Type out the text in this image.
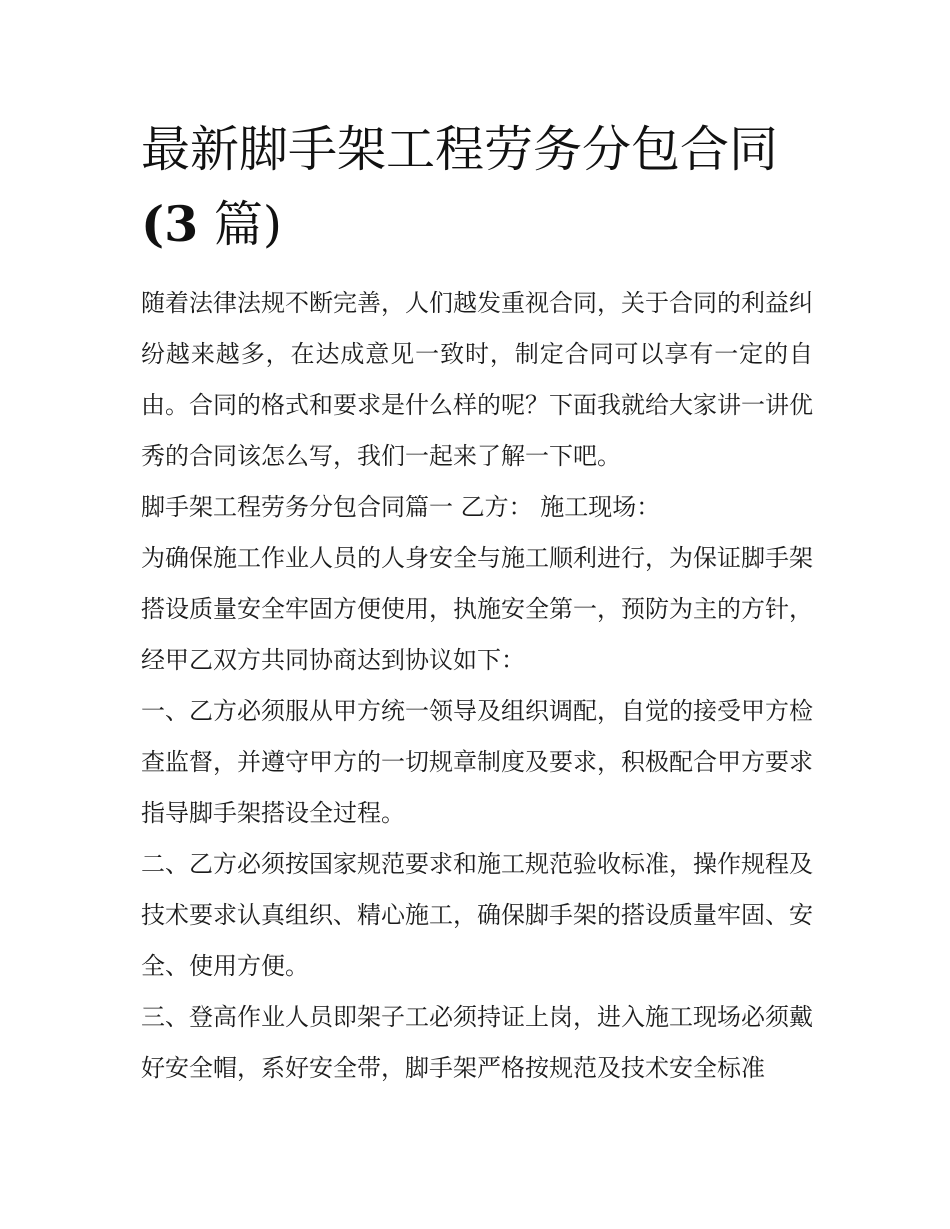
最新脚手架工程劳务分包合同
(3 篇)

随着法律法规不断完善，人们越发重视合同，关于合同的利益纠纷越来越多，在达成意见一致时，制定合同可以享有一定的自由。合同的格式和要求是什么样的呢？下面我就给大家讲一讲优秀的合同该怎么写，我们一起来了解一下吧。

脚手架工程劳务分包合同篇一 乙方： 施工现场：

为确保施工作业人员的人身安全与施工顺利进行，为保证脚手架搭设质量安全牢固方便使用，执施安全第一，预防为主的方针，经甲乙双方共同协商达到协议如下：

一、乙方必须服从甲方统一领导及组织调配，自觉的接受甲方检查监督，并遵守甲方的一切规章制度及要求，积极配合甲方要求指导脚手架搭设全过程。

二、乙方必须按国家规范要求和施工规范验收标准，操作规程及技术要求认真组织、精心施工，确保脚手架的搭设质量牢固、安全、使用方便。

三、登高作业人员即架子工必须持证上岗，进入施工现场必须戴好安全帽，系好安全带，脚手架严格按规范及技术安全标准
